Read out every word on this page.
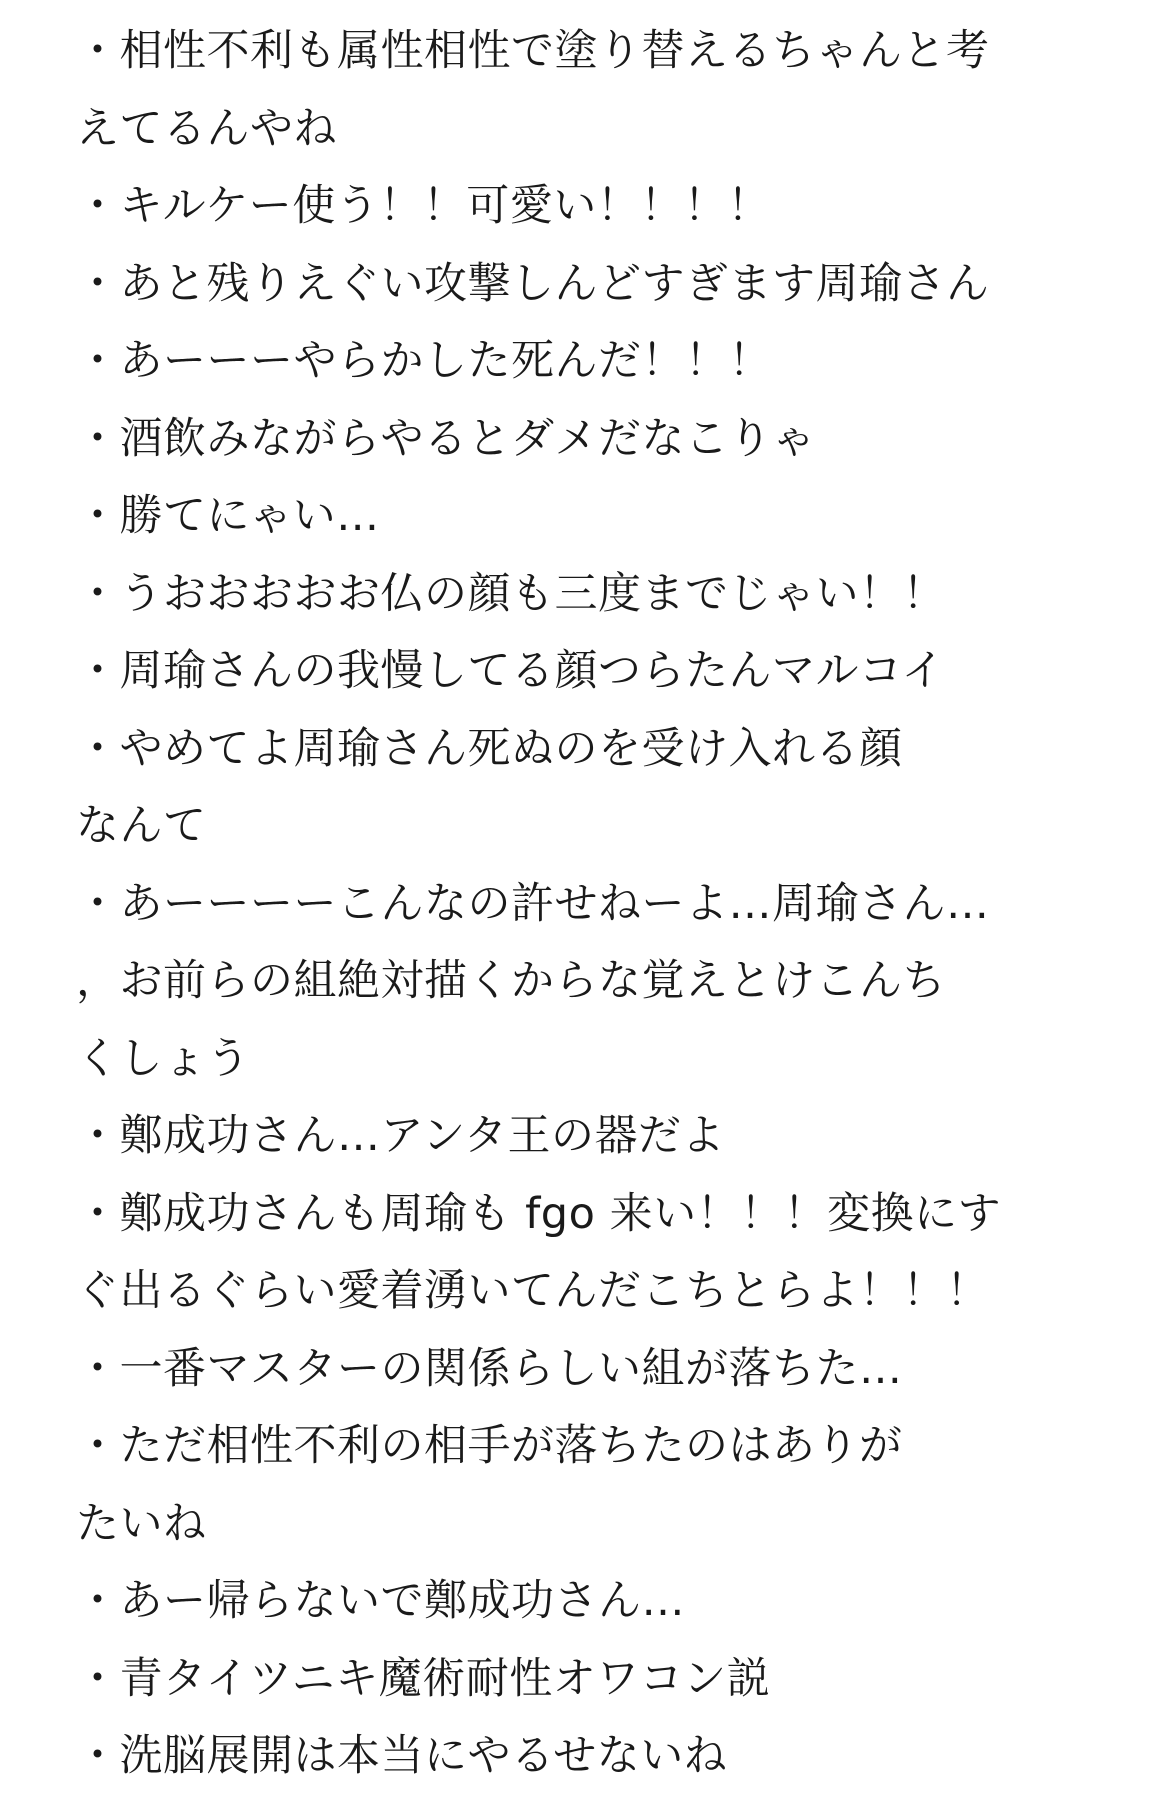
・相性不利も属性相性で塗り替えるちゃんと考
えてるんやね
・キルケー使う！！可愛い！！！！
・あと残りえぐい攻撃しんどすぎます周瑜さん
・あーーーやらかした死んだ！！！
・酒飲みながらやるとダメだなこりゃ
・勝てにゃい…
・うおおおおお仏の顔も三度までじゃい！！
・周瑜さんの我慢してる顔つらたんマルコイ
・やめてよ周瑜さん死ぬのを受け入れる顔
なんて
・あーーーーこんなの許せねーよ…周瑜さん…
，お前らの組絶対描くからな覚えとけこんち
くしょう
・鄭成功さん…アンタ王の器だよ
・鄭成功さんも周瑜も fgo 来い！！！変換にす
ぐ出るぐらい愛着湧いてんだこちとらよ！！！
・一番マスターの関係らしい組が落ちた…
・ただ相性不利の相手が落ちたのはありが
たいね
・あー帰らないで鄭成功さん…
・青タイツニキ魔術耐性オワコン説
・洗脳展開は本当にやるせないね
